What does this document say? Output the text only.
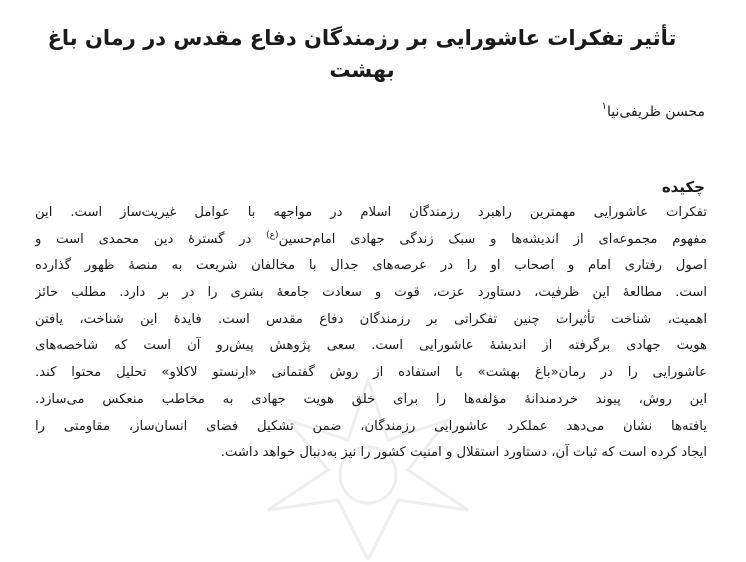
تأثیر تفکرات عاشورایی بر رزمندگان دفاع مقدس در رمان باغ بهشت
محسن ظریفی‌نیا$^۱$
چکیده
تفکرات عاشورایی مهمترین راهبرد رزمندگان اسلام در مواجهه با عوامل غیریت‌ساز است. این
مفهوم مجموعه‌ای از اندیشه‌ها و سبک زندگی جهادی امام‌حسین$^{(ع)}$ در گسترۀ دین محمدی است و
اصول رفتاری امام و اصحاب او را در عرصه‌های جدال با مخالفان شریعت به منصۀ ظهور گذارده
است. مطالعۀ این ظرفیت، دستاورد عزت، قوت و سعادت جامعۀ بشری را در بر دارد. مطلب حائز
اهمیت، شناخت تأثیرات چنین تفکراتی بر رزمندگان دفاع مقدس است. فایدۀ این شناخت، یافتن
هویت جهادی برگرفته از اندیشۀ عاشورایی است. سعی پژوهش پیش‌رو آن است که شاخصه‌های
عاشورایی را در رمان«باغ بهشت» با استفاده از روش گفتمانی «ارنستو لاکلاو» تحلیل محتوا کند.
این روش، پیوند خردمندانۀ مؤلفه‌ها را برای خلق هویت جهادی به مخاطب منعکس می‌سازد.
یافته‌ها نشان می‌دهد عملکرد عاشورایی رزمندگان، ضمن تشکیل فضای انسان‌ساز، مقاومتی را
ایجاد کرده است که ثبات آن، دستاورد استقلال و امنیت کشور را نیز به‌دنبال خواهد داشت.
